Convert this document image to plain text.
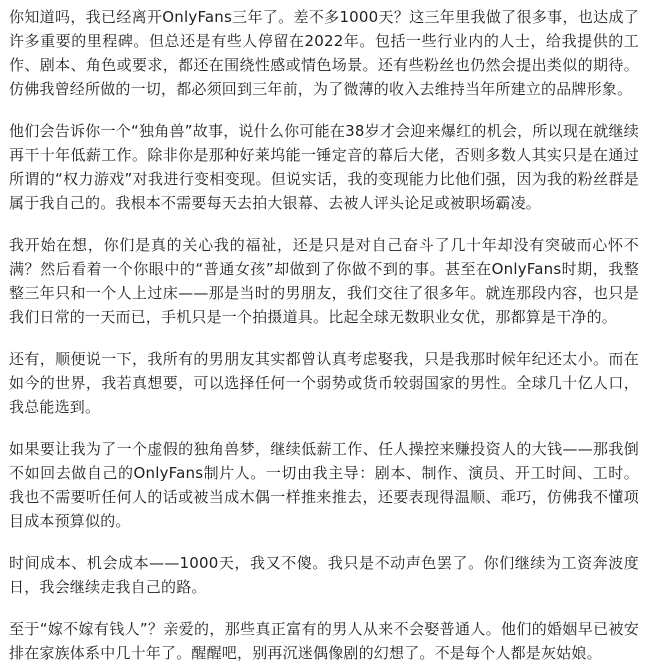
你知道吗，我已经离开OnlyFans三年了。差不多1000天？这三年里我做了很多事，也达成了许多重要的里程碑。但总还是有些人停留在2022年。包括一些行业内的人士，给我提供的工作、剧本、角色或要求，都还在围绕性感或情色场景。还有些粉丝也仍然会提出类似的期待。仿佛我曾经所做的一切，都必须回到三年前，为了微薄的收入去维持当年所建立的品牌形象。

他们会告诉你一个“独角兽”故事，说什么你可能在38岁才会迎来爆红的机会，所以现在就继续再干十年低薪工作。除非你是那种好莱坞能一锤定音的幕后大佬，否则多数人其实只是在通过所谓的“权力游戏”对我进行变相变现。但说实话，我的变现能力比他们强，因为我的粉丝群是属于我自己的。我根本不需要每天去拍大银幕、去被人评头论足或被职场霸凌。

我开始在想，你们是真的关心我的福祉，还是只是对自己奋斗了几十年却没有突破而心怀不满？然后看着一个你眼中的“普通女孩”却做到了你做不到的事。甚至在OnlyFans时期，我整整三年只和一个人上过床——那是当时的男朋友，我们交往了很多年。就连那段内容，也只是我们日常的一天而已，手机只是一个拍摄道具。比起全球无数职业女优，那都算是干净的。

还有，顺便说一下，我所有的男朋友其实都曾认真考虑娶我，只是我那时候年纪还太小。而在如今的世界，我若真想要，可以选择任何一个弱势或货币较弱国家的男性。全球几十亿人口，我总能选到。

如果要让我为了一个虚假的独角兽梦，继续低薪工作、任人操控来赚投资人的大钱——那我倒不如回去做自己的OnlyFans制片人。一切由我主导：剧本、制作、演员、开工时间、工时。我也不需要听任何人的话或被当成木偶一样推来推去，还要表现得温顺、乖巧，仿佛我不懂项目成本预算似的。

时间成本、机会成本——1000天，我又不傻。我只是不动声色罢了。你们继续为工资奔波度日，我会继续走我自己的路。

至于“嫁不嫁有钱人”？亲爱的，那些真正富有的男人从来不会娶普通人。他们的婚姻早已被安排在家族体系中几十年了。醒醒吧，别再沉迷偶像剧的幻想了。不是每个人都是灰姑娘。
